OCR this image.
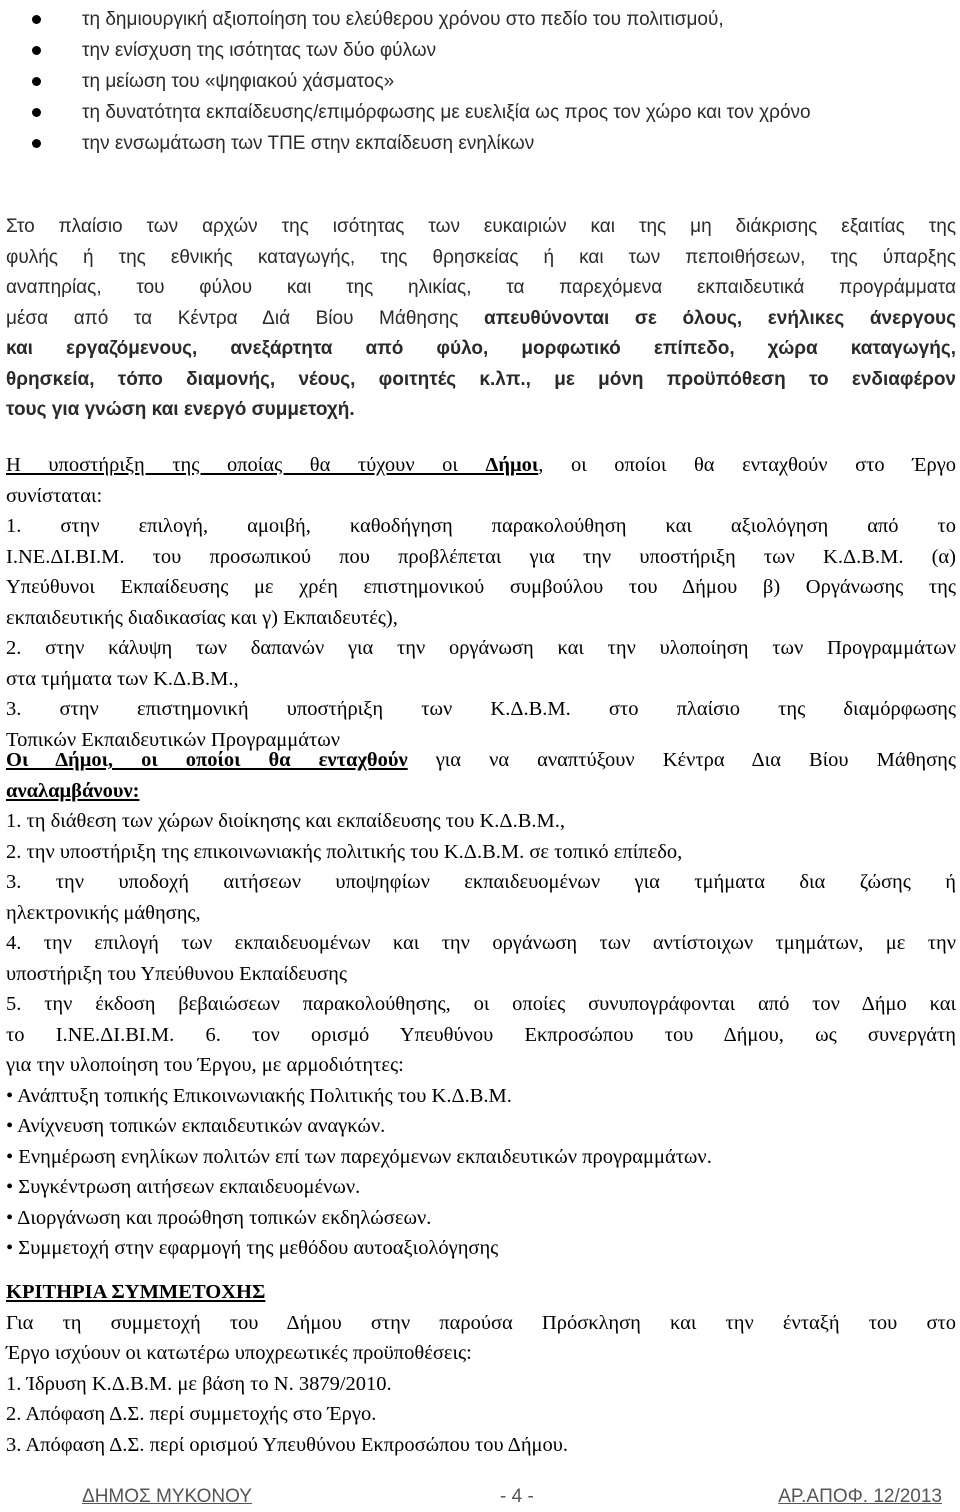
τη δημιουργική αξιοποίηση του ελεύθερου χρόνου στο πεδίο του πολιτισμού,
την ενίσχυση της ισότητας των δύο φύλων
τη μείωση του «ψηφιακού χάσματος»
τη δυνατότητα εκπαίδευσης/επιμόρφωσης με ευελιξία ως προς τον χώρο και τον χρόνο
την ενσωμάτωση των ΤΠΕ στην εκπαίδευση ενηλίκων
Στο πλαίσιο των αρχών της ισότητας των ευκαιριών και της μη διάκρισης εξαιτίας της
φυλής ή της εθνικής καταγωγής, της θρησκείας ή και των πεποιθήσεων, της ύπαρξης
αναπηρίας, του φύλου και της ηλικίας, τα παρεχόμενα εκπαιδευτικά προγράμματα
μέσα από τα Κέντρα Διά Βίου Μάθησης απευθύνονται σε όλους, ενήλικες άνεργους
και εργαζόμενους, ανεξάρτητα από φύλο, μορφωτικό επίπεδο, χώρα καταγωγής,
θρησκεία, τόπο διαμονής, νέους, φοιτητές κ.λπ., με μόνη προϋπόθεση το ενδιαφέρον
τους για γνώση και ενεργό συμμετοχή.
Η υποστήριξη της οποίας θα τύχουν οι Δήμοι, οι οποίοι θα ενταχθούν στο Έργο
συνίσταται:
1. στην επιλογή, αμοιβή, καθοδήγηση παρακολούθηση και αξιολόγηση από το
Ι.ΝΕ.ΔΙ.ΒΙ.Μ. του προσωπικού που προβλέπεται για την υποστήριξη των Κ.Δ.Β.Μ. (α)
Υπεύθυνοι Εκπαίδευσης με χρέη επιστημονικού συμβούλου του Δήμου β) Οργάνωσης της
εκπαιδευτικής διαδικασίας και γ) Εκπαιδευτές),
2. στην κάλυψη των δαπανών για την οργάνωση και την υλοποίηση των Προγραμμάτων
στα τμήματα των Κ.Δ.Β.Μ.,
3. στην επιστημονική υποστήριξη των Κ.Δ.Β.Μ. στο πλαίσιο της διαμόρφωσης
Τοπικών Εκπαιδευτικών Προγραμμάτων
Οι Δήμοι, οι οποίοι θα ενταχθούν για να αναπτύξουν Κέντρα Δια Βίου Μάθησης
αναλαμβάνουν:
1. τη διάθεση των χώρων διοίκησης και εκπαίδευσης του Κ.Δ.Β.Μ.,
2. την υποστήριξη της επικοινωνιακής πολιτικής του Κ.Δ.Β.Μ. σε τοπικό επίπεδο,
3. την υποδοχή αιτήσεων υποψηφίων εκπαιδευομένων για τμήματα δια ζώσης ή
ηλεκτρονικής μάθησης,
4. την επιλογή των εκπαιδευομένων και την οργάνωση των αντίστοιχων τμημάτων, με την
υποστήριξη του Υπεύθυνου Εκπαίδευσης
5. την έκδοση βεβαιώσεων παρακολούθησης, οι οποίες συνυπογράφονται από τον Δήμο και
το Ι.ΝΕ.ΔΙ.ΒΙ.Μ. 6. τον ορισμό Υπευθύνου Εκπροσώπου του Δήμου, ως συνεργάτη
για την υλοποίηση του Έργου, με αρμοδιότητες:
• Ανάπτυξη τοπικής Επικοινωνιακής Πολιτικής του Κ.Δ.Β.Μ.
• Ανίχνευση τοπικών εκπαιδευτικών αναγκών.
• Ενημέρωση ενηλίκων πολιτών επί των παρεχόμενων εκπαιδευτικών προγραμμάτων.
• Συγκέντρωση αιτήσεων εκπαιδευομένων.
• Διοργάνωση και προώθηση τοπικών εκδηλώσεων.
• Συμμετοχή στην εφαρμογή της μεθόδου αυτοαξιολόγησης
ΚΡΙΤΗΡΙΑ ΣΥΜΜΕΤΟΧΗΣ
Για τη συμμετοχή του Δήμου στην παρούσα Πρόσκληση και την ένταξή του στο
Έργο ισχύουν οι κατωτέρω υποχρεωτικές προϋποθέσεις:
1. Ίδρυση Κ.Δ.Β.Μ. με βάση το Ν. 3879/2010.
2. Απόφαση Δ.Σ. περί συμμετοχής στο Έργο.
3. Απόφαση Δ.Σ. περί ορισμού Υπευθύνου Εκπροσώπου του Δήμου.
ΔΗΜΟΣ ΜΥΚΟΝΟΥ	- 4 -	ΑΡ.ΑΠΟΦ. 12/2013
